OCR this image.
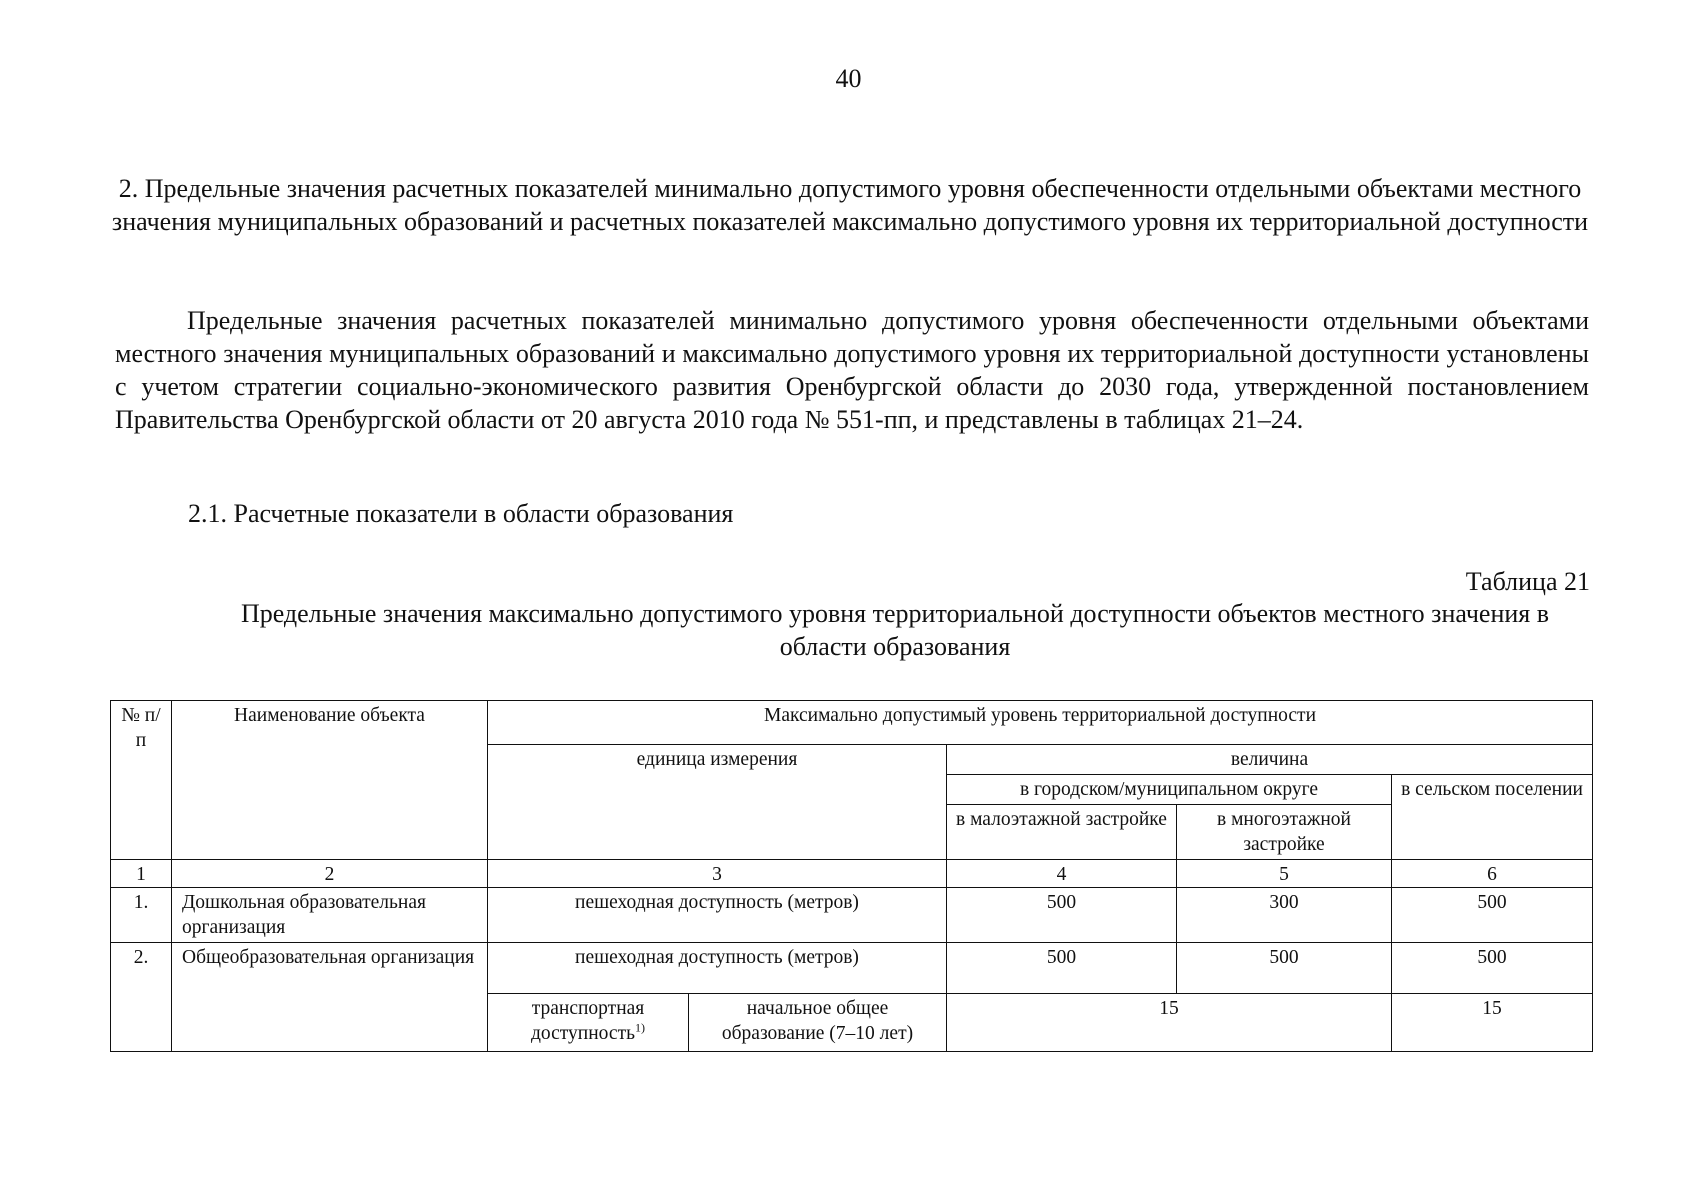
40
2. Предельные значения расчетных показателей минимально допустимого уровня обеспеченности отдельными объектами местного значения муниципальных образований и расчетных показателей максимально допустимого уровня их территориальной доступности

Предельные значения расчетных показателей минимально допустимого уровня обеспеченности отдельными объектами местного значения муниципальных образований и максимально допустимого уровня их территориальной доступности установлены с учетом стратегии социально-экономического развития Оренбургской области до 2030 года, утвержденной постановлением Правительства Оренбургской области от 20 августа 2010 года № 551-пп, и представлены в таблицах 21–24.

2.1. Расчетные показатели в области образования
Таблица 21
Предельные значения максимально допустимого уровня территориальной доступности объектов местного значения в области образования
№ п/п	Наименование объекта	Максимально допустимый уровень территориальной доступности				
		единица измерения		величина		
				в городском/муниципальном округе		в сельском поселении
				в малоэтажной застройке	в многоэтажной застройке	

1	2	3		4	5	6
1.	Дошкольная образовательная организация	пешеходная доступность (метров)		500	300	500
2.	Общеобразовательная организация	пешеходная доступность (метров)		500	500	500
		транспортная доступность$^{1)}$	начальное общее образование (7–10 лет)	15		15
